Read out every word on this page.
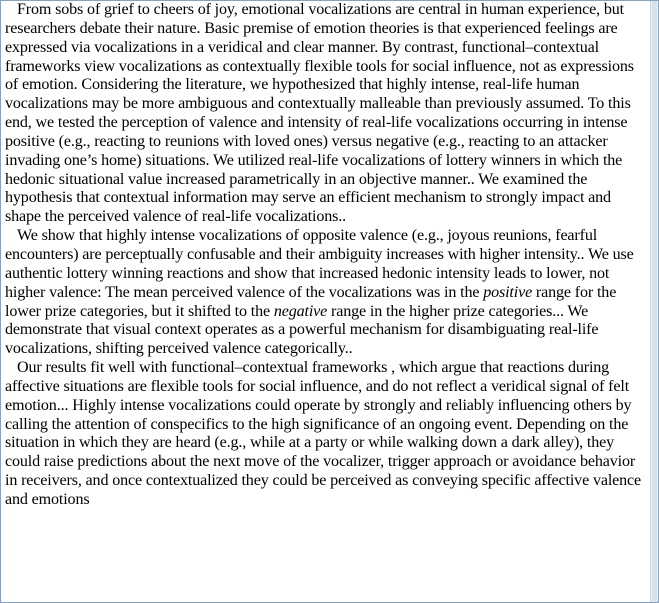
From sobs of grief to cheers of joy, emotional vocalizations are central in human experience, but researchers debate their nature. Basic premise of emotion theories is that experienced feelings are expressed via vocalizations in a veridical and clear manner. By contrast, functional–contextual frameworks view vocalizations as contextually flexible tools for social influence, not as expressions of emotion. Considering the literature, we hypothesized that highly intense, real-life human vocalizations may be more ambiguous and contextually malleable than previously assumed. To this end, we tested the perception of valence and intensity of real-life vocalizations occurring in intense positive (e.g., reacting to reunions with loved ones) versus negative (e.g., reacting to an attacker invading one’s home) situations. We utilized real-life vocalizations of lottery winners in which the hedonic situational value increased parametrically in an objective manner.. We examined the hypothesis that contextual information may serve an efficient mechanism to strongly impact and shape the perceived valence of real-life vocalizations..

We show that highly intense vocalizations of opposite valence (e.g., joyous reunions, fearful encounters) are perceptually confusable and their ambiguity increases with higher intensity.. We use authentic lottery winning reactions and show that increased hedonic intensity leads to lower, not higher valence: The mean perceived valence of the vocalizations was in the positive range for the lower prize categories, but it shifted to the negative range in the higher prize categories... We demonstrate that visual context operates as a powerful mechanism for disambiguating real-life vocalizations, shifting perceived valence categorically..

Our results fit well with functional–contextual frameworks , which argue that reactions during affective situations are flexible tools for social influence, and do not reflect a veridical signal of felt emotion... Highly intense vocalizations could operate by strongly and reliably influencing others by calling the attention of conspecifics to the high significance of an ongoing event. Depending on the situation in which they are heard (e.g., while at a party or while walking down a dark alley), they could raise predictions about the next move of the vocalizer, trigger approach or avoidance behavior in receivers, and once contextualized they could be perceived as conveying specific affective valence and emotions
